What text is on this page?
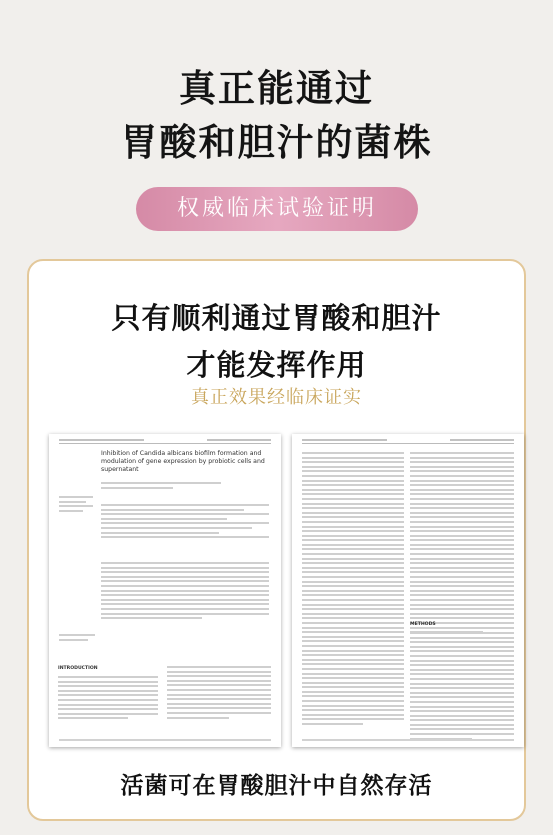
真正能通过
胃酸和胆汁的菌株
权威临床试验证明
只有顺利通过胃酸和胆汁
才能发挥作用
真正效果经临床证实
Inhibition of Candida albicans biofilm formation and modulation of gene expression by probiotic cells and supernatant
INTRODUCTION
METHODS
活菌可在胃酸胆汁中自然存活
